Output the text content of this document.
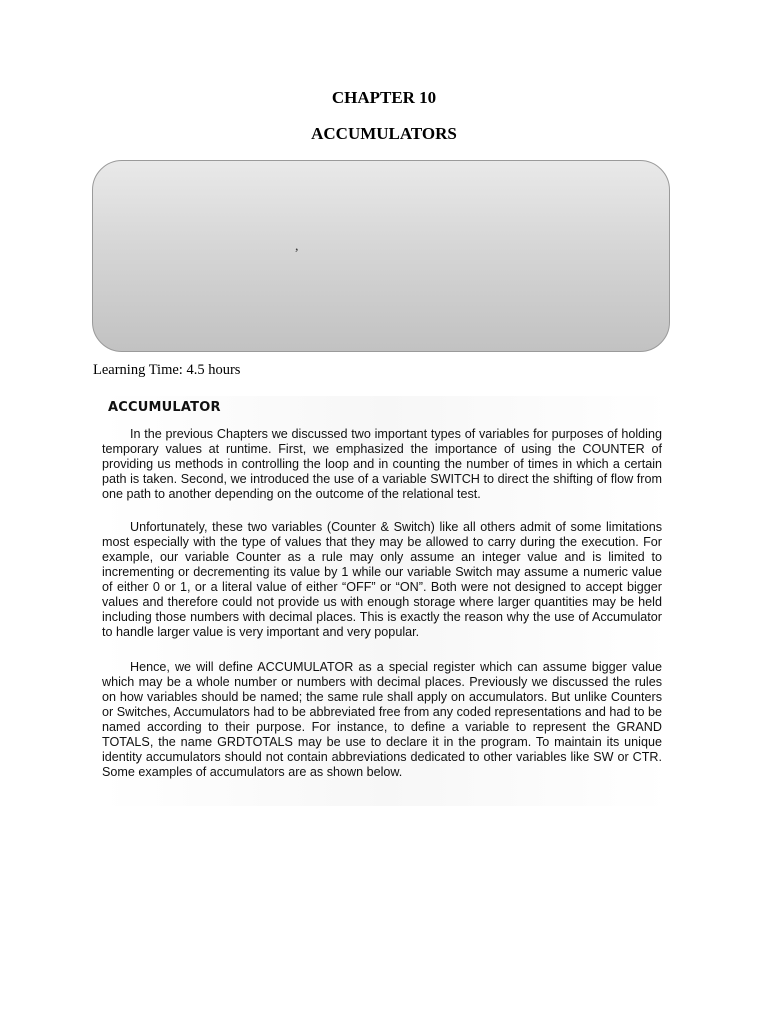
CHAPTER 10
ACCUMULATORS
,
Learning Time: 4.5 hours
ACCUMULATOR

In the previous Chapters we discussed two important types of variables for purposes of holding temporary values at runtime. First, we emphasized the importance of using the COUNTER of providing us methods in controlling the loop and in counting the number of times in which a certain path is taken. Second, we introduced the use of a variable SWITCH to direct the shifting of flow from one path to another depending on the outcome of the relational test.

Unfortunately, these two variables (Counter & Switch) like all others admit of some limitations most especially with the type of values that they may be allowed to carry during the execution. For example, our variable Counter as a rule may only assume an integer value and is limited to incrementing or decrementing its value by 1 while our variable Switch may assume a numeric value of either 0 or 1, or a literal value of either “OFF” or “ON”. Both were not designed to accept bigger values and therefore could not provide us with enough storage where larger quantities may be held including those numbers with decimal places. This is exactly the reason why the use of Accumulator to handle larger value is very important and very popular.

Hence, we will define ACCUMULATOR as a special register which can assume bigger value which may be a whole number or numbers with decimal places. Previously we discussed the rules on how variables should be named; the same rule shall apply on accumulators. But unlike Counters or Switches, Accumulators had to be abbreviated free from any coded representations and had to be named according to their purpose. For instance, to define a variable to represent the GRAND TOTALS, the name GRDTOTALS may be use to declare it in the program. To maintain its unique identity accumulators should not contain abbreviations dedicated to other variables like SW or CTR. Some examples of accumulators are as shown below.
